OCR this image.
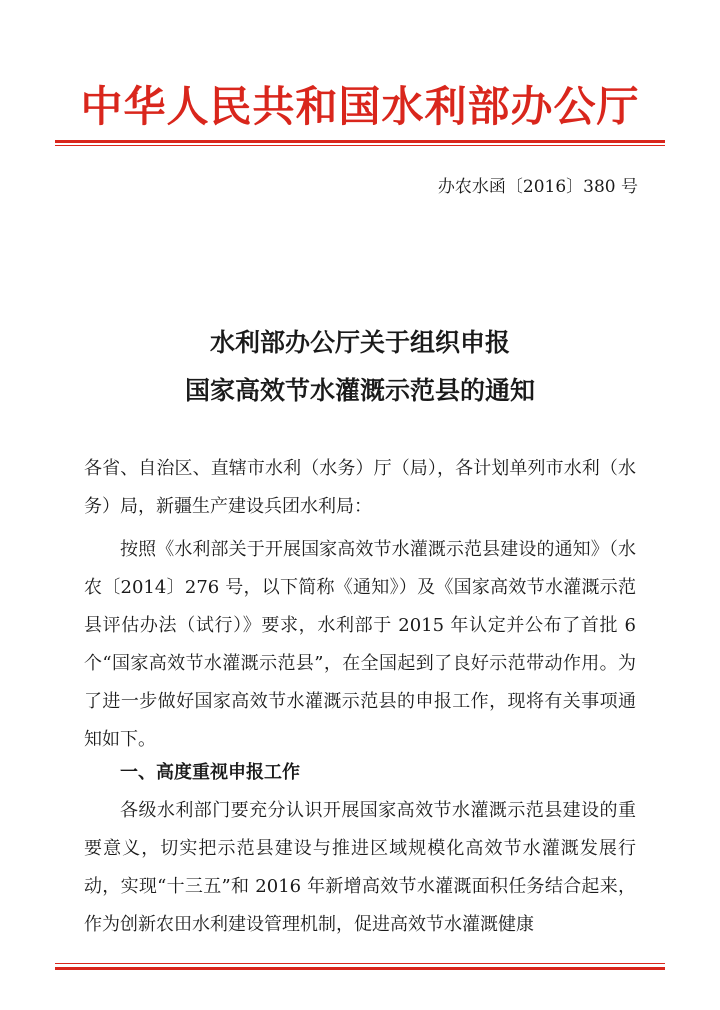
中华人民共和国水利部办公厅
办农水函〔2016〕380 号
水利部办公厅关于组织申报
国家高效节水灌溉示范县的通知

各省、自治区、直辖市水利（水务）厅（局），各计划单列市水利（水务）局，新疆生产建设兵团水利局：

按照《水利部关于开展国家高效节水灌溉示范县建设的通知》（水农〔2014〕276 号，以下简称《通知》）及《国家高效节水灌溉示范县评估办法（试行）》要求，水利部于 2015 年认定并公布了首批 6 个“国家高效节水灌溉示范县”，在全国起到了良好示范带动作用。为了进一步做好国家高效节水灌溉示范县的申报工作，现将有关事项通知如下。

一、高度重视申报工作

各级水利部门要充分认识开展国家高效节水灌溉示范县建设的重要意义，切实把示范县建设与推进区域规模化高效节水灌溉发展行动，实现“十三五”和 2016 年新增高效节水灌溉面积任务结合起来，作为创新农田水利建设管理机制，促进高效节水灌溉健康
